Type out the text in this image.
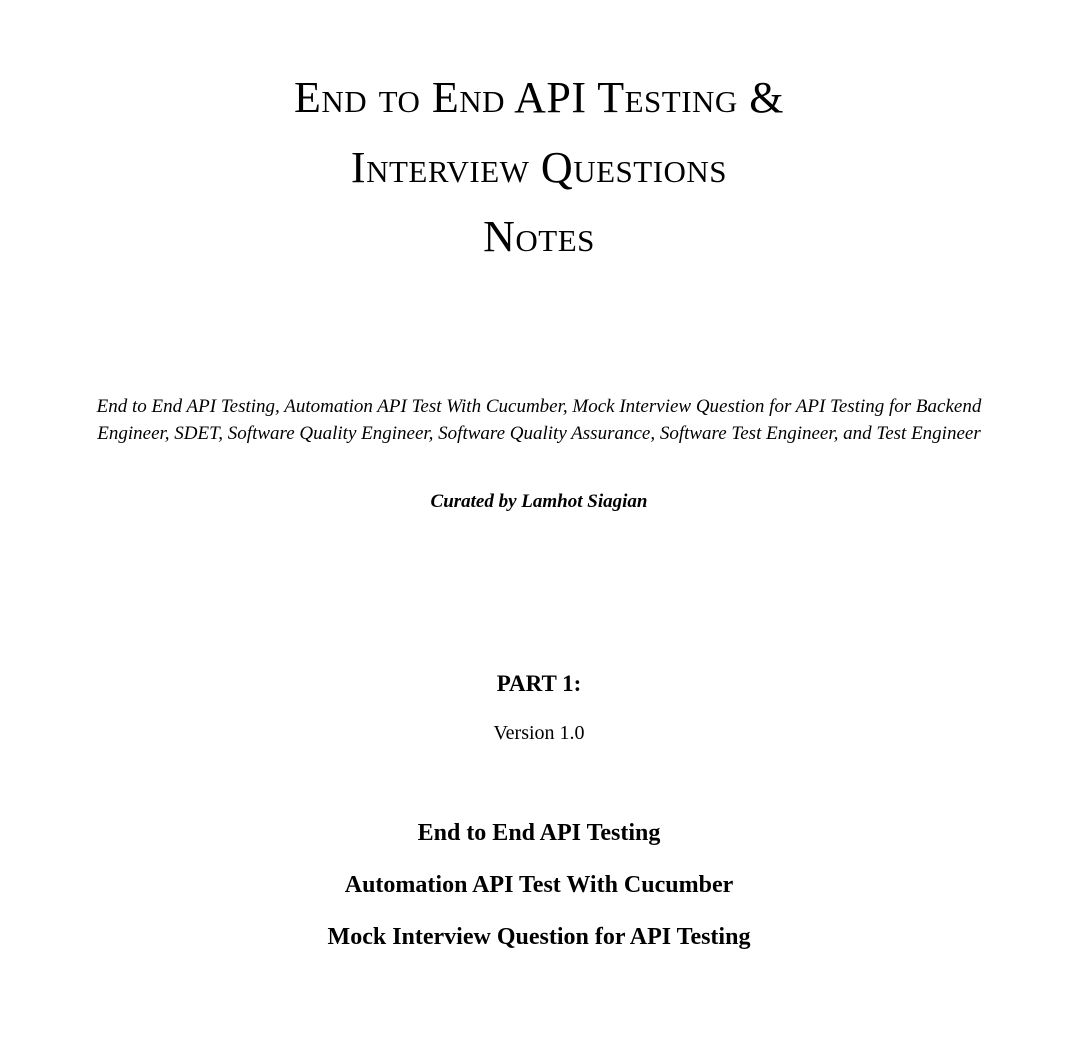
End to End API Testing &
Interview Questions
Notes

End to End API Testing, Automation API Test With Cucumber, Mock Interview Question for API Testing for Backend Engineer, SDET, Software Quality Engineer, Software Quality Assurance, Software Test Engineer, and Test Engineer

Curated by Lamhot Siagian

PART 1:

Version 1.0

End to End API Testing

Automation API Test With Cucumber

Mock Interview Question for API Testing
